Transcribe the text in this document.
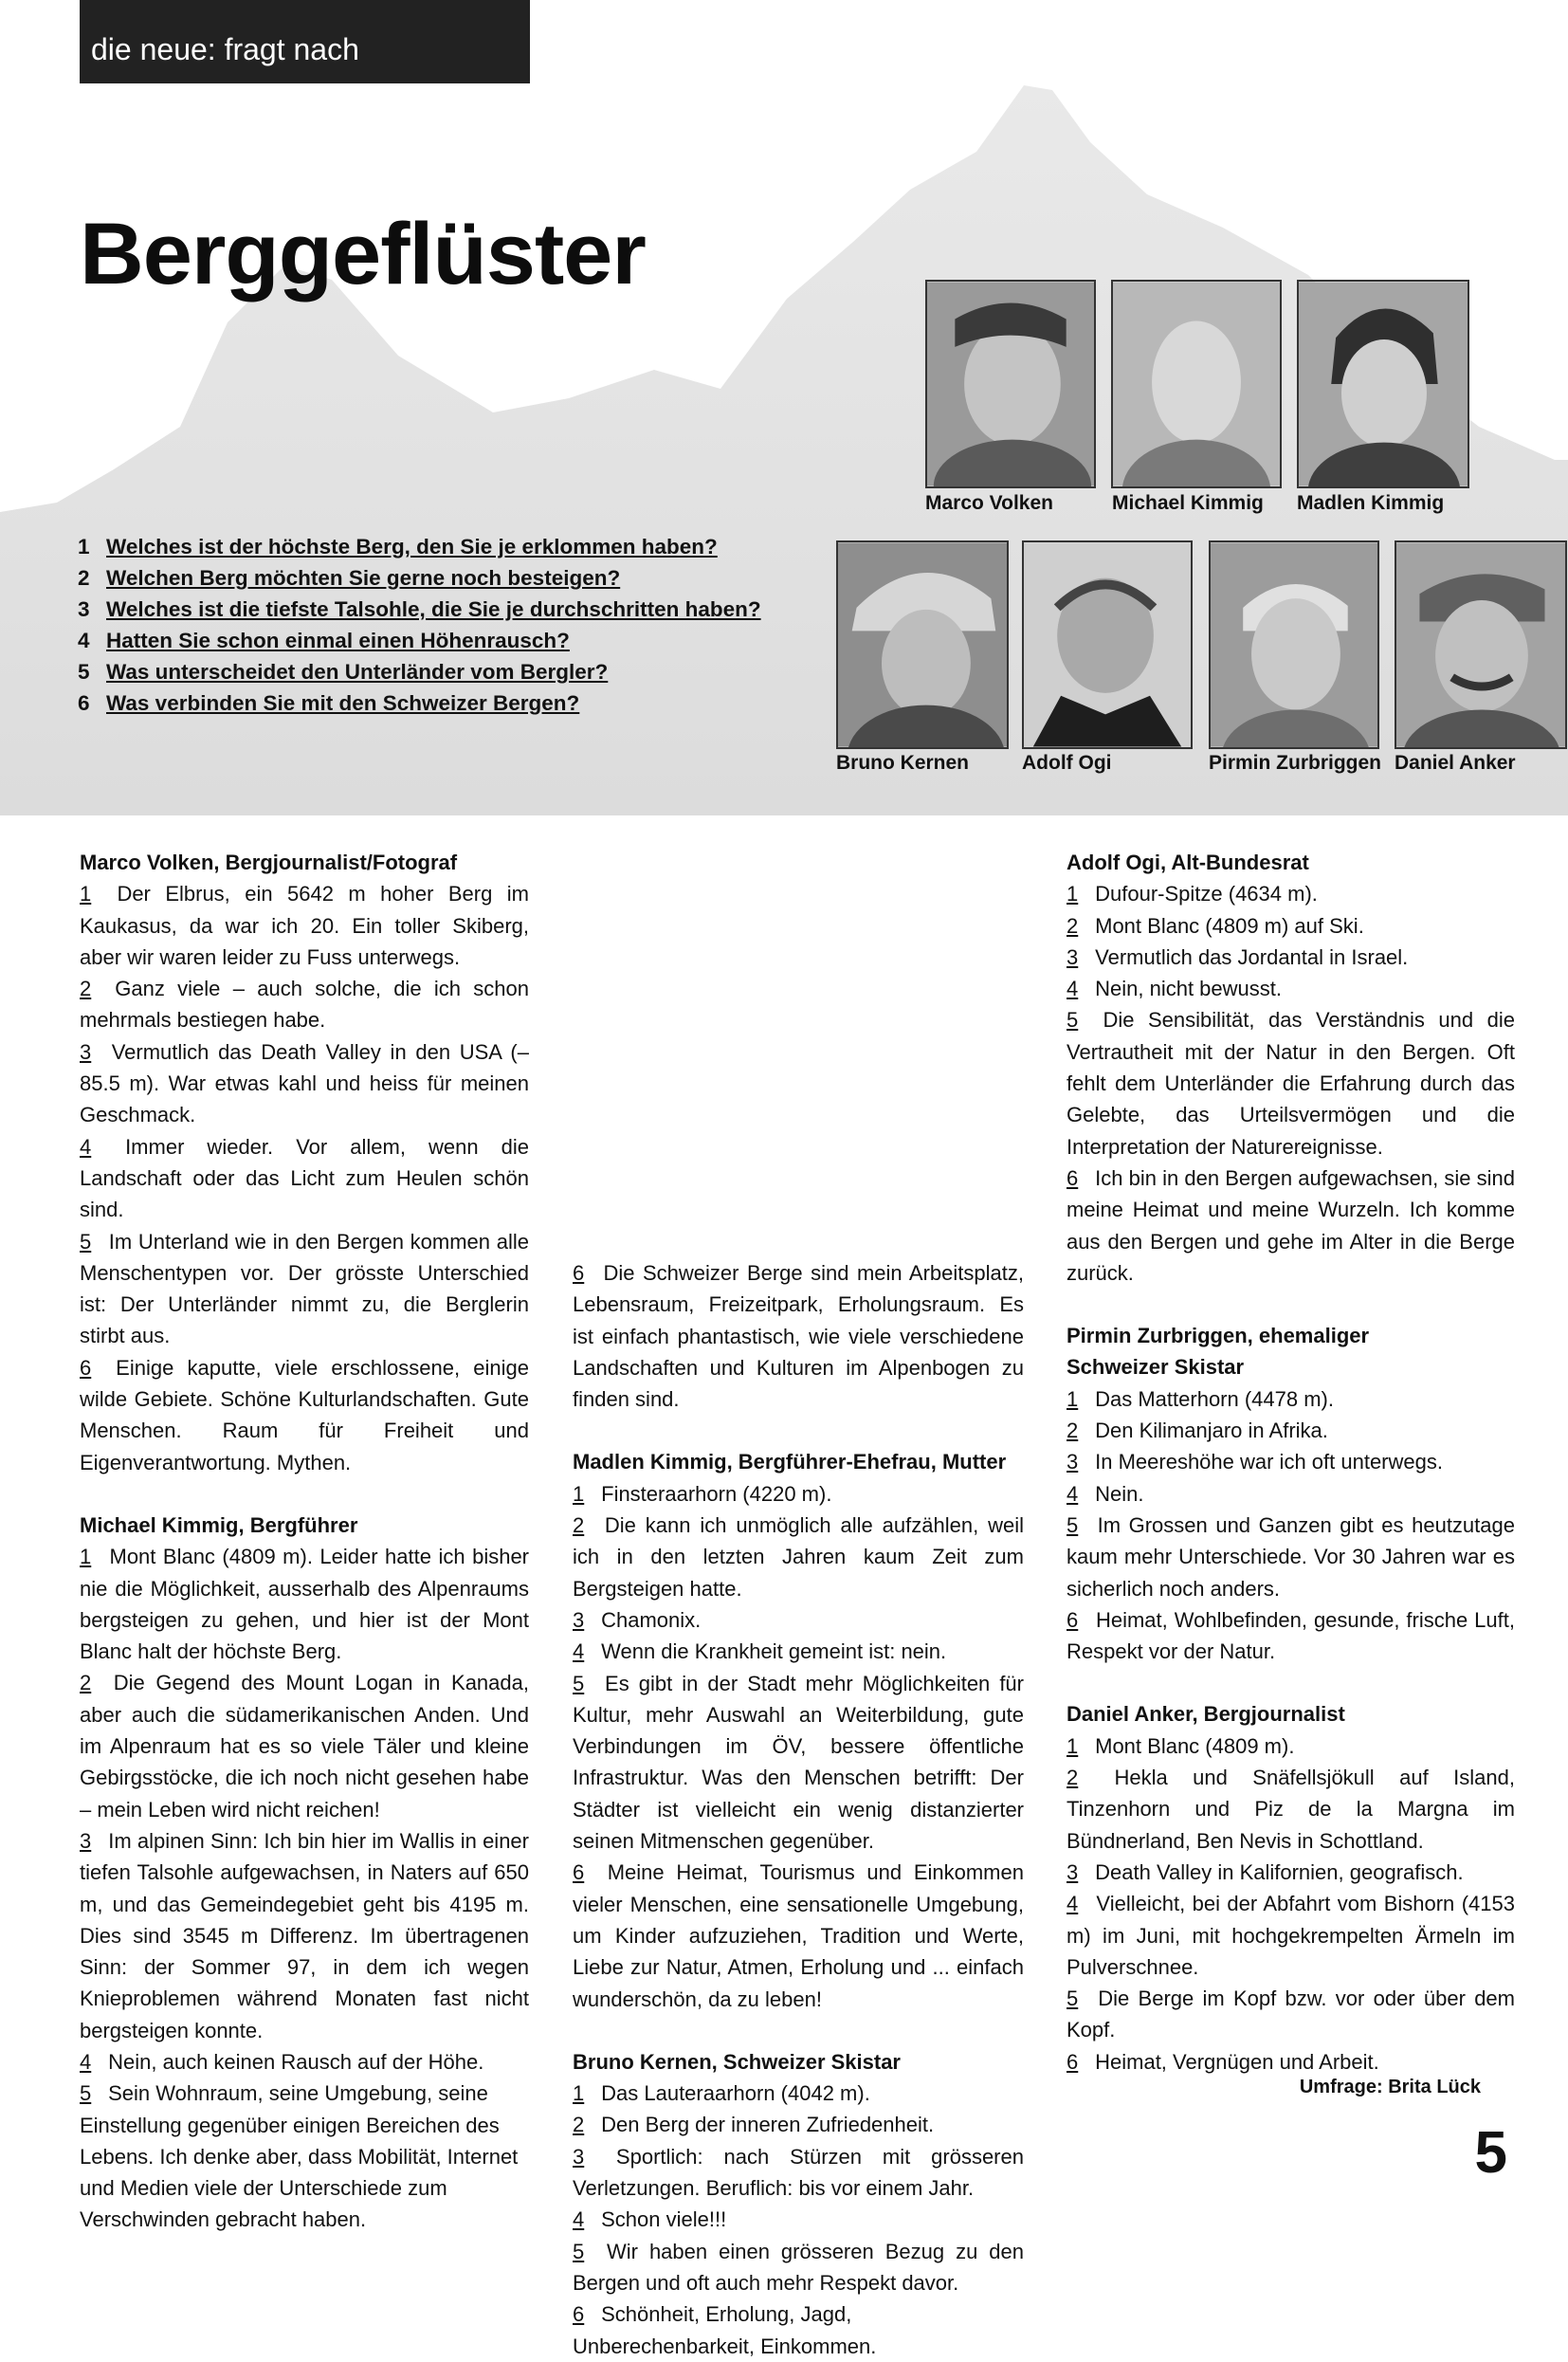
die neue: fragt nach
Berggeflüster
Marco Volken	Michael Kimmig Madlen Kimmig
Bruno Kernen	Adolf Ogi	Pirmin Zurbriggen Daniel Anker
1 Welches ist der höchste Berg, den Sie je erklommen haben?
2 Welchen Berg möchten Sie gerne noch besteigen?
3 Welches ist die tiefste Talsohle, die Sie je durchschritten haben?
4 Hatten Sie schon einmal einen Höhenrausch?
5 Was unterscheidet den Unterländer vom Bergler?
6 Was verbinden Sie mit den Schweizer Bergen?
Marco Volken, Bergjournalist/Fotograf

1 Der Elbrus, ein 5642 m hoher Berg im Kaukasus, da war ich 20. Ein toller Skiberg, aber wir waren leider zu Fuss unterwegs.

2 Ganz viele – auch solche, die ich schon mehrmals bestiegen habe.

3 Vermutlich das Death Valley in den USA (–85.5 m). War etwas kahl und heiss für meinen Geschmack.

4 Immer wieder. Vor allem, wenn die Landschaft oder das Licht zum Heulen schön sind.

5 Im Unterland wie in den Bergen kommen alle Menschentypen vor. Der grösste Unterschied ist: Der Unterländer nimmt zu, die Berglerin stirbt aus.

6 Einige kaputte, viele erschlossene, einige wilde Gebiete. Schöne Kulturlandschaften. Gute Menschen. Raum für Freiheit und Eigenverantwortung. Mythen.

Michael Kimmig, Bergführer

1 Mont Blanc (4809 m). Leider hatte ich bisher nie die Möglichkeit, ausserhalb des Alpenraums bergsteigen zu gehen, und hier ist der Mont Blanc halt der höchste Berg.

2 Die Gegend des Mount Logan in Kanada, aber auch die südamerikanischen Anden. Und im Alpenraum hat es so viele Täler und kleine Gebirgsstöcke, die ich noch nicht gesehen habe – mein Leben wird nicht reichen!

3 Im alpinen Sinn: Ich bin hier im Wallis in einer tiefen Talsohle aufgewachsen, in Naters auf 650 m, und das Gemeindegebiet geht bis 4195 m. Dies sind 3545 m Differenz. Im übertragenen Sinn: der Sommer 97, in dem ich wegen Knieproblemen während Monaten fast nicht bergsteigen konnte.

4 Nein, auch keinen Rausch auf der Höhe.

5 Sein Wohnraum, seine Umgebung, seine Einstellung gegenüber einigen Bereichen des Lebens. Ich denke aber, dass Mobilität, Internet und Medien viele der Unterschiede zum Verschwinden gebracht haben.

6 Die Schweizer Berge sind mein Arbeitsplatz, Lebensraum, Freizeitpark, Erholungsraum. Es ist einfach phantastisch, wie viele verschiedene Landschaften und Kulturen im Alpenbogen zu finden sind.

Madlen Kimmig, Bergführer-Ehefrau, Mutter

1 Finsteraarhorn (4220 m).

2 Die kann ich unmöglich alle aufzählen, weil ich in den letzten Jahren kaum Zeit zum Bergsteigen hatte.

3 Chamonix.

4 Wenn die Krankheit gemeint ist: nein.

5 Es gibt in der Stadt mehr Möglichkeiten für Kultur, mehr Auswahl an Weiterbildung, gute Verbindungen im ÖV, bessere öffentliche Infrastruktur. Was den Menschen betrifft: Der Städter ist vielleicht ein wenig distanzierter seinen Mitmenschen gegenüber.

6 Meine Heimat, Tourismus und Einkommen vieler Menschen, eine sensationelle Umgebung, um Kinder aufzuziehen, Tradition und Werte, Liebe zur Natur, Atmen, Erholung und ... einfach wunderschön, da zu leben!

Bruno Kernen, Schweizer Skistar

1 Das Lauteraarhorn (4042 m).

2 Den Berg der inneren Zufriedenheit.

3 Sportlich: nach Stürzen mit grösseren Verletzungen. Beruflich: bis vor einem Jahr.

4 Schon viele!!!

5 Wir haben einen grösseren Bezug zu den Bergen und oft auch mehr Respekt davor.

6 Schönheit, Erholung, Jagd, Unberechenbarkeit, Einkommen.

Adolf Ogi, Alt-Bundesrat

1 Dufour-Spitze (4634 m).

2 Mont Blanc (4809 m) auf Ski.

3 Vermutlich das Jordantal in Israel.

4 Nein, nicht bewusst.

5 Die Sensibilität, das Verständnis und die Vertrautheit mit der Natur in den Bergen. Oft fehlt dem Unterländer die Erfahrung durch das Gelebte, das Urteilsvermögen und die Interpretation der Naturereignisse.

6 Ich bin in den Bergen aufgewachsen, sie sind meine Heimat und meine Wurzeln. Ich komme aus den Bergen und gehe im Alter in die Berge zurück.

Pirmin Zurbriggen, ehemaliger Schweizer Skistar

1 Das Matterhorn (4478 m).

2 Den Kilimanjaro in Afrika.

3 In Meereshöhe war ich oft unterwegs.

4 Nein.

5 Im Grossen und Ganzen gibt es heutzutage kaum mehr Unterschiede. Vor 30 Jahren war es sicherlich noch anders.

6 Heimat, Wohlbefinden, gesunde, frische Luft, Respekt vor der Natur.

Daniel Anker, Bergjournalist

1 Mont Blanc (4809 m).

2 Hekla und Snäfellsjökull auf Island, Tinzenhorn und Piz de la Margna im Bündnerland, Ben Nevis in Schottland.

3 Death Valley in Kalifornien, geografisch.

4 Vielleicht, bei der Abfahrt vom Bishorn (4153 m) im Juni, mit hochgekrempelten Ärmeln im Pulverschnee.

5 Die Berge im Kopf bzw. vor oder über dem Kopf.

6 Heimat, Vergnügen und Arbeit.

Umfrage: Brita Lück
5
